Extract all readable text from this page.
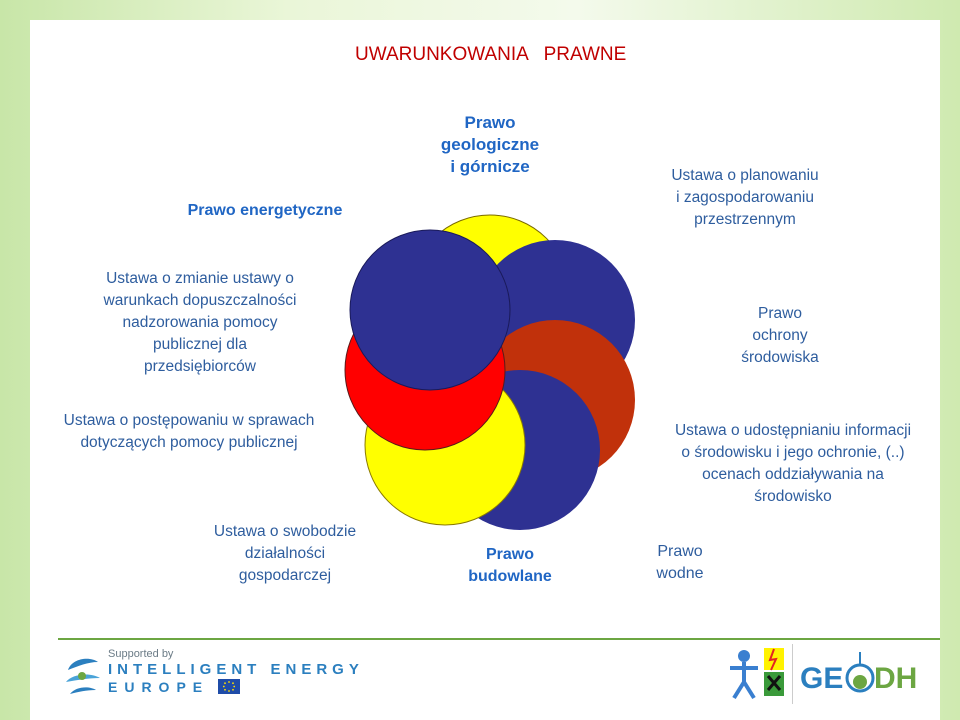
UWARUNKOWANIA   PRAWNE
Prawo
geologiczne
i górnicze
Prawo energetyczne
Ustawa o planowaniu
i zagospodarowaniu
przestrzennym
Ustawa o zmianie ustawy o
warunkach dopuszczalności
nadzorowania pomocy
publicznej dla
przedsiębiorców
Prawo
ochrony
środowiska
Ustawa o postępowaniu w sprawach
dotyczących pomocy publicznej
Ustawa o udostępnianiu informacji
o środowisku i jego ochronie, (..)
ocenach oddziaływania na
środowisko
Ustawa o swobodzie
działalności
gospodarczej
Prawo
budowlane
Prawo
wodne
Supported by
INTELLIGENT ENERGY
EUROPE	GE DH
